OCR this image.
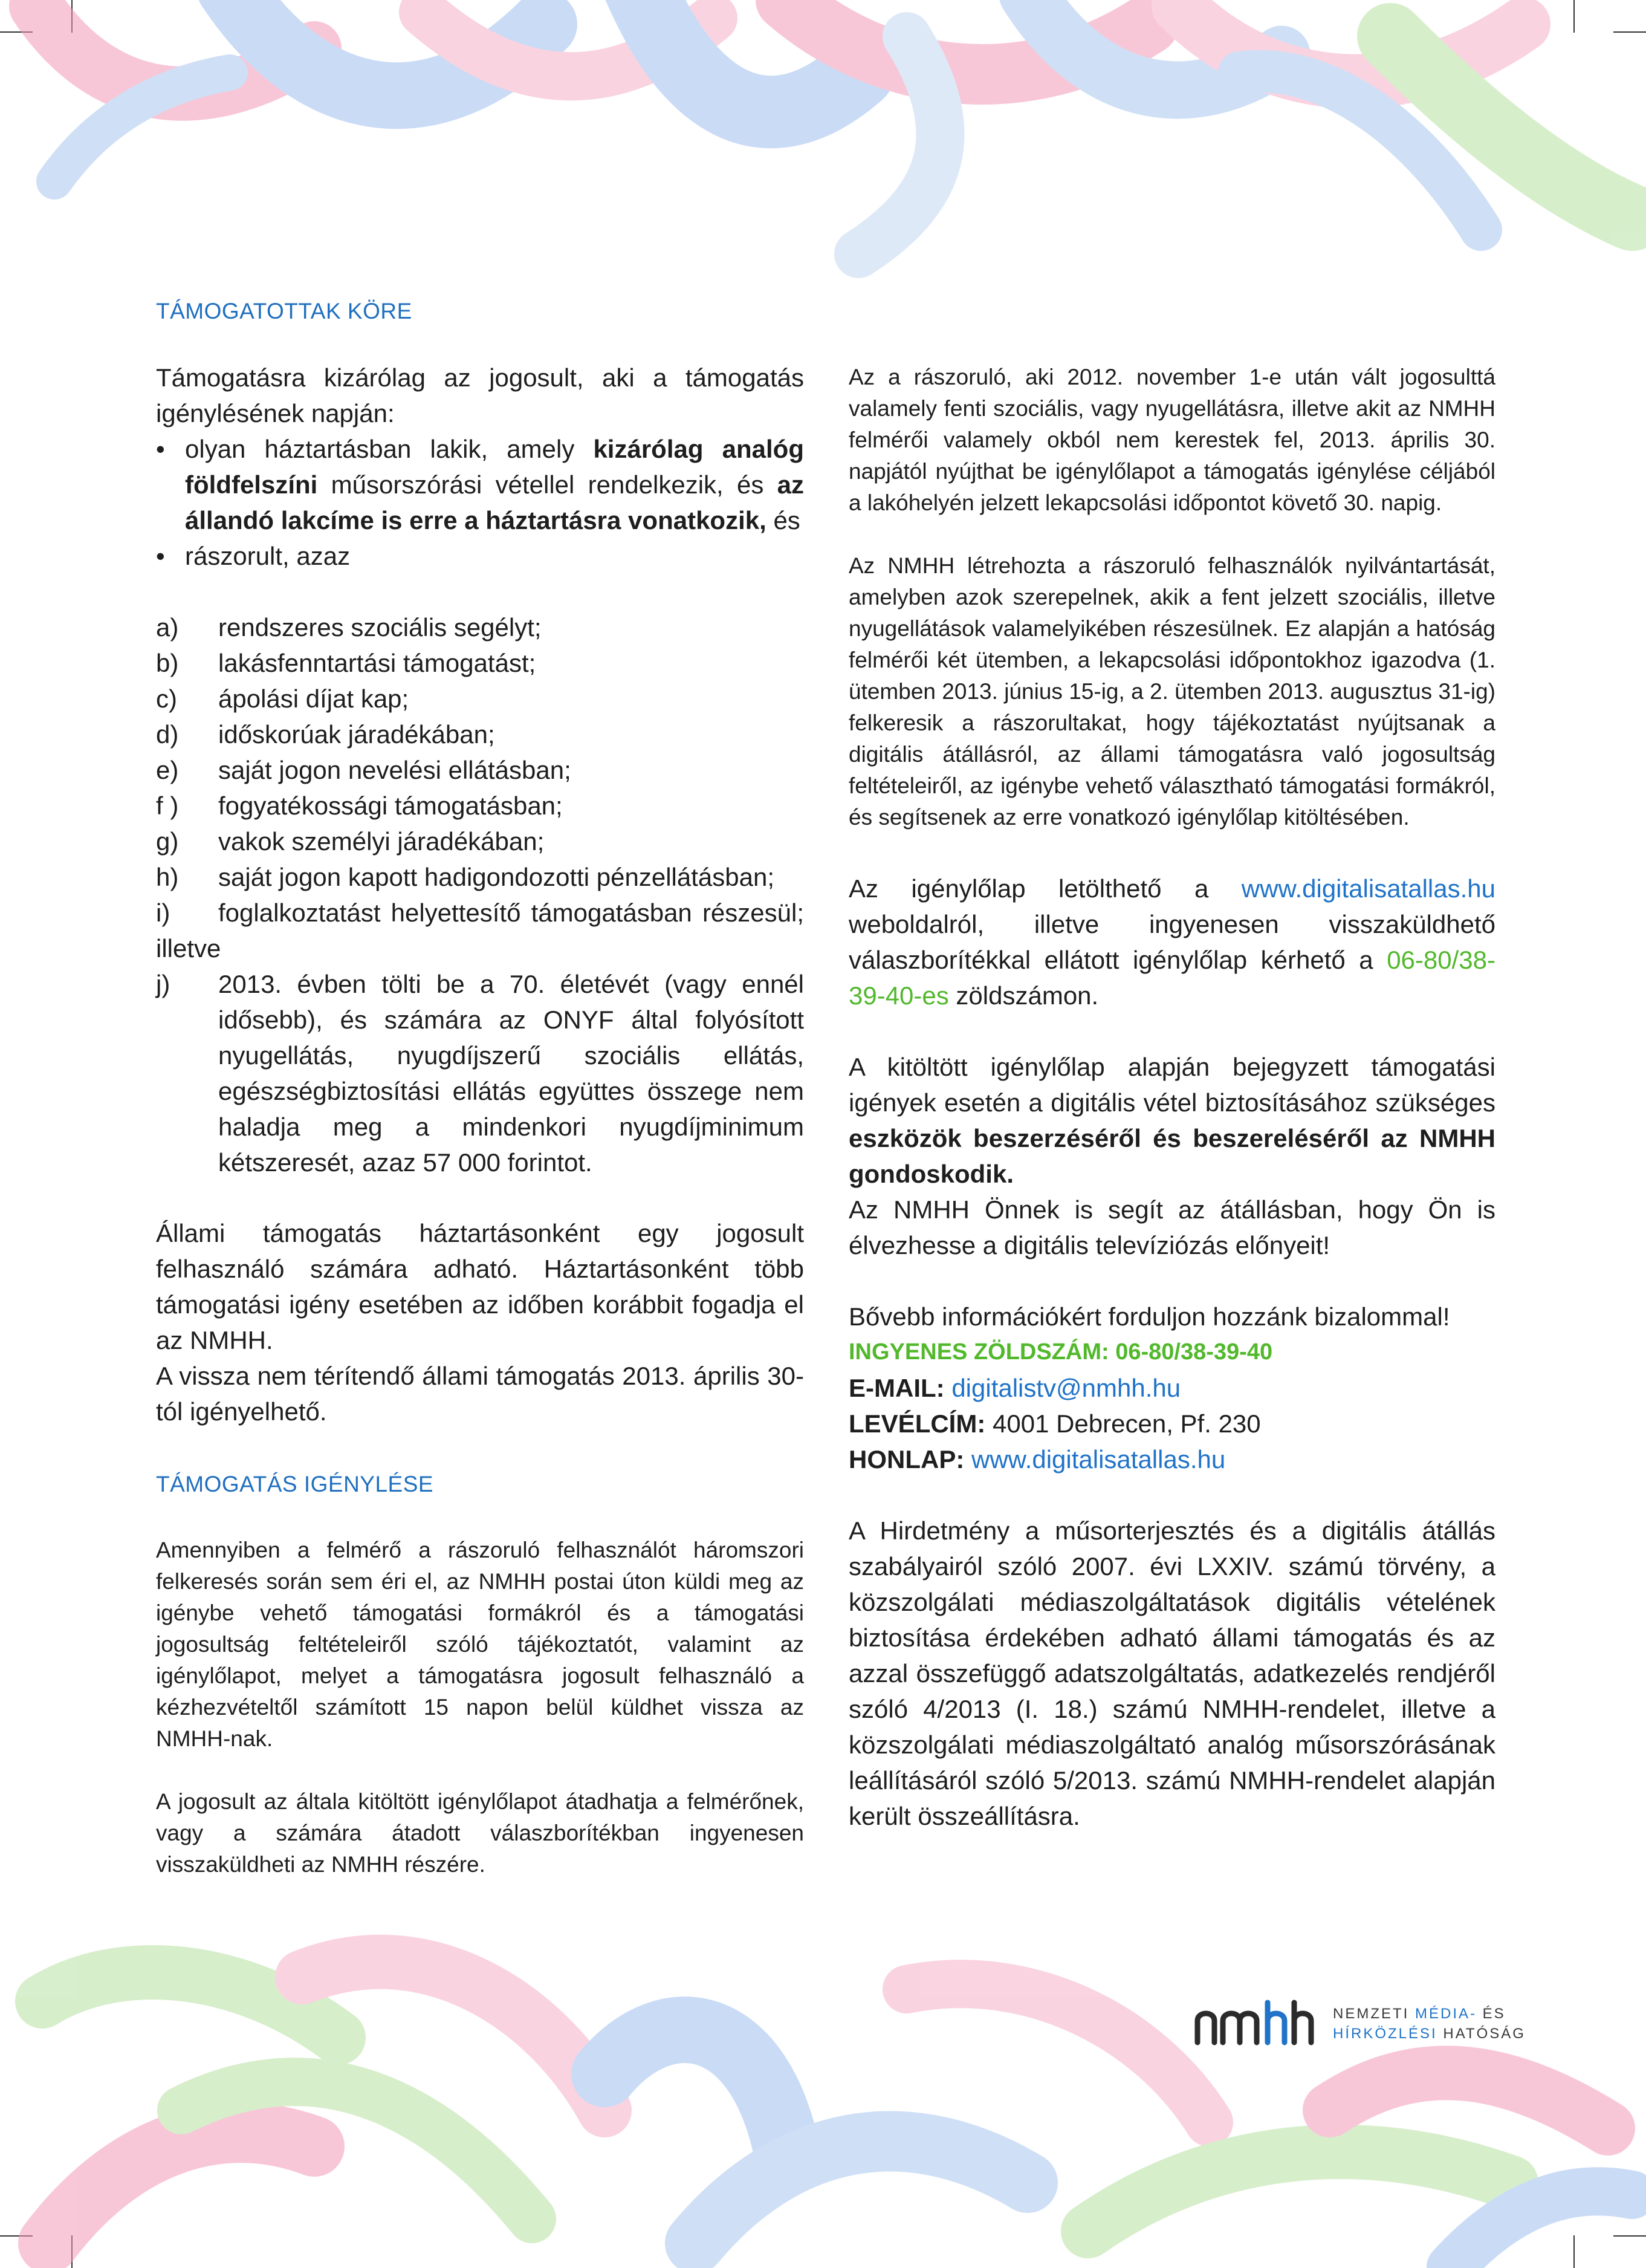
TÁMOGATOTTAK KÖRE

Támogatásra kizárólag az jogosult, aki a támogatás igénylésének napján:

• olyan háztartásban lakik, amely kizárólag analóg földfelszíni műsorszórási vétellel rendelkezik, és az állandó lakcíme is erre a háztartásra vonatkozik, és
• rászorult, azaz
a)	rendszeres szociális segélyt;
b)	lakásfenntartási támogatást;
c)	ápolási díjat kap;
d)	időskorúak járadékában;
e)	saját jogon nevelési ellátásban;
f )	fogyatékossági támogatásban;
g)	vakok személyi járadékában;

h) saját jogon kapott hadigondozotti pénzellátásban;

i) foglalkoztatást helyettesítő támogatásban részesül; illetve

j)	2013. évben tölti be a 70. életévét (vagy ennél idősebb), és számára az ONYF által folyósított nyugellátás, nyugdíjszerű szociális ellátás, egészségbiztosítási ellátás együttes összege nem haladja meg a mindenkori nyugdíjminimum kétszeresét, azaz 57 000 forintot.

Állami támogatás háztartásonként egy jogosult felhasználó számára adható. Háztartásonként több támogatási igény esetében az időben korábbit fogadja el az NMHH.

A vissza nem térítendő állami támogatás 2013. április 30-tól igényelhető.

TÁMOGATÁS IGÉNYLÉSE

Amennyiben a felmérő a rászoruló felhasználót háromszori felkeresés során sem éri el, az NMHH postai úton küldi meg az igénybe vehető támogatási formákról és a támogatási jogosultság feltételeiről szóló tájékoztatót, valamint az igénylőlapot, melyet a támogatásra jogosult felhasználó a kézhezvételtől számított 15 napon belül küldhet vissza az NMHH-nak.

A jogosult az általa kitöltött igénylőlapot átadhatja a felmérőnek, vagy a számára átadott válaszborítékban ingyenesen visszaküldheti az NMHH részére.

Az a rászoruló, aki 2012. november 1-e után vált jogosulttá valamely fenti szociális, vagy nyugellátásra, illetve akit az NMHH felmérői valamely okból nem kerestek fel, 2013. április 30. napjától nyújthat be igénylőlapot a támogatás igénylése céljából a lakóhelyén jelzett lekapcsolási időpontot követő 30. napig.

Az NMHH létrehozta a rászoruló felhasználók nyilvántartását, amelyben azok szerepelnek, akik a fent jelzett szociális, illetve nyugellátások valamelyikében részesülnek. Ez alapján a hatóság felmérői két ütemben, a lekapcsolási időpontokhoz igazodva (1. ütemben 2013. június 15-ig, a 2. ütemben 2013. augusztus 31-ig) felkeresik a rászorultakat, hogy tájékoztatást nyújtsanak a digitális átállásról, az állami támogatásra való jogosultság feltételeiről, az igénybe vehető választható támogatási formákról, és segítsenek az erre vonatkozó igénylőlap kitöltésében.

Az igénylőlap letölthető a www.digitalisatallas.hu weboldalról, illetve ingyenesen visszaküldhető válaszborítékkal ellátott igénylőlap kérhető a 06-80/38-39-40-es zöldszámon.

A kitöltött igénylőlap alapján bejegyzett támogatási igények esetén a digitális vétel biztosításához szükséges eszközök beszerzéséről és beszereléséről az NMHH gondoskodik.

Az NMHH Önnek is segít az átállásban, hogy Ön is élvezhesse a digitális televíziózás előnyeit!

Bővebb információkért forduljon hozzánk bizalommal!

INGYENES ZÖLDSZÁM: 06-80/38-39-40

E-MAIL: digitalistv@nmhh.hu

LEVÉLCÍM: 4001 Debrecen, Pf. 230

HONLAP: www.digitalisatallas.hu

A Hirdetmény a műsorterjesztés és a digitális átállás szabályairól szóló 2007. évi LXXIV. számú törvény, a közszolgálati médiaszolgáltatások digitális vételének biztosítása érdekében adható állami támogatás és az azzal összefüggő adatszolgáltatás, adatkezelés rendjéről szóló 4/2013 (I. 18.) számú NMHH-rendelet, illetve a közszolgálati médiaszolgáltató analóg műsorszórásának leállításáról szóló 5/2013. számú NMHH-rendelet alapján került összeállításra.

NEMZETI MÉDIA- ÉS
HÍRKÖZLÉSI HATÓSÁG
